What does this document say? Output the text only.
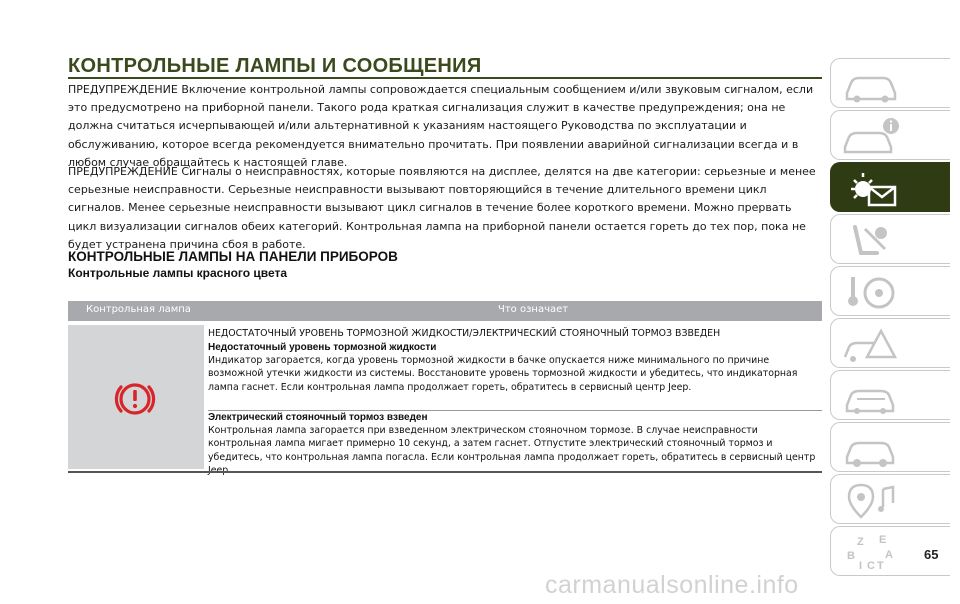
КОНТРОЛЬНЫЕ ЛАМПЫ И СООБЩЕНИЯ

ПРЕДУПРЕЖДЕНИЕ Включение контрольной лампы сопровождается специальным сообщением и/или звуковым сигналом, если это предусмотрено на приборной панели. Такого рода краткая сигнализация служит в качестве предупреждения; она не должна считаться исчерпывающей и/или альтернативной к указаниям настоящего Руководства по эксплуатации и обслуживанию, которое всегда рекомендуется внимательно прочитать. При появлении аварийной сигнализации всегда и в любом случае обращайтесь к настоящей главе.

ПРЕДУПРЕЖДЕНИЕ Сигналы о неисправностях, которые появляются на дисплее, делятся на две категории: серьезные и менее серьезные неисправности. Серьезные неисправности вызывают повторяющийся в течение длительного времени цикл сигналов. Менее серьезные неисправности вызывают цикл сигналов в течение более короткого времени. Можно прервать цикл визуализации сигналов обеих категорий. Контрольная лампа на приборной панели остается гореть до тех пор, пока не будет устранена причина сбоя в работе.

КОНТРОЛЬНЫЕ ЛАМПЫ НА ПАНЕЛИ ПРИБОРОВ
Контрольные лампы красного цвета
Контрольная лампа	Что означает
НЕДОСТАТОЧНЫЙ УРОВЕНЬ ТОРМОЗНОЙ ЖИДКОСТИ/ЭЛЕКТРИЧЕСКИЙ СТОЯНОЧНЫЙ ТОРМОЗ ВЗВЕДЕН
Недостаточный уровень тормозной жидкости
Индикатор загорается, когда уровень тормозной жидкости в бачке опускается ниже минимального по причине возможной утечки жидкости из системы. Восстановите уровень тормозной жидкости и убедитесь, что индикаторная лампа гаснет. Если контрольная лампа продолжает гореть, обратитесь в сервисный центр Jeep.
Электрический стояночный тормоз взведен
Контрольная лампа загорается при взведенном электрическом стояночном тормозе. В случае неисправности контрольная лампа мигает примерно 10 секунд, а затем гаснет. Отпустите электрический стояночный тормоз и убедитесь, что контрольная лампа погасла. Если контрольная лампа продолжает гореть, обратитесь в сервисный центр
Z E
B	A
I C T
65
carmanualsonline.info
